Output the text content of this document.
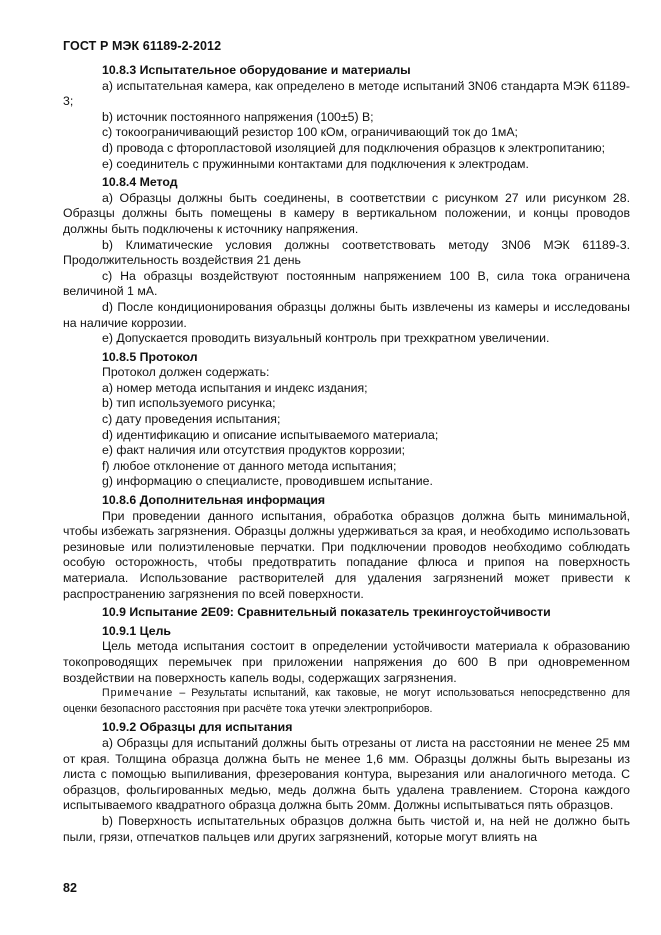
ГОСТ Р МЭК 61189-2-2012
10.8.3 Испытательное оборудование и материалы
a) испытательная камера, как определено в методе испытаний 3N06 стандарта МЭК 61189-3;
b) источник постоянного напряжения (100±5) В;
c) токоограничивающий резистор 100 кОм, ограничивающий ток до 1мА;
d) провода с фторопластовой изоляцией для подключения образцов к электропитанию;
e) соединитель с пружинными контактами для подключения к электродам.
10.8.4 Метод
а) Образцы должны быть соединены, в соответствии с рисунком 27 или рисунком 28. Образцы должны быть помещены в камеру в вертикальном положении, и концы проводов должны быть подключены к источнику напряжения.
b) Климатические условия должны соответствовать методу 3N06 МЭК 61189-3. Продолжительность воздействия 21 день
c) На образцы воздействуют постоянным напряжением 100 В, сила тока ограничена величиной 1 мА.
d) После кондиционирования образцы должны быть извлечены из камеры и исследованы на наличие коррозии.
e) Допускается проводить визуальный контроль при трехкратном увеличении.
10.8.5 Протокол
Протокол должен содержать:
a) номер метода испытания и индекс издания;
b) тип используемого рисунка;
c) дату проведения испытания;
d) идентификацию и описание испытываемого материала;
e) факт наличия или отсутствия продуктов коррозии;
f) любое отклонение от данного метода испытания;
g) информацию о специалисте, проводившем испытание.
10.8.6 Дополнительная информация
При проведении данного испытания, обработка образцов должна быть минимальной, чтобы избежать загрязнения. Образцы должны удерживаться за края, и необходимо использовать резиновые или полиэтиленовые перчатки. При подключении проводов необходимо соблюдать особую осторожность, чтобы предотвратить попадание флюса и припоя на поверхность материала. Использование растворителей для удаления загрязнений может привести к распространению загрязнения по всей поверхности.
10.9 Испытание 2E09: Сравнительный показатель трекингоустойчивости
10.9.1 Цель
Цель метода испытания состоит в определении устойчивости материала к образованию токопроводящих перемычек при приложении напряжения до 600 В при одновременном воздействии на поверхность капель воды, содержащих загрязнения.
Примечание – Результаты испытаний, как таковые, не могут использоваться непосредственно для оценки безопасного расстояния при расчёте тока утечки электроприборов.
10.9.2 Образцы для испытания
а) Образцы для испытаний должны быть отрезаны от листа на расстоянии не менее 25 мм от края. Толщина образца должна быть не менее 1,6 мм. Образцы должны быть вырезаны из листа с помощью выпиливания, фрезерования контура, вырезания или аналогичного метода. С образцов, фольгированных медью, медь должна быть удалена травлением. Сторона каждого испытываемого квадратного образца должна быть 20мм. Должны испытываться пять образцов.
b) Поверхность испытательных образцов должна быть чистой и, на ней не должно быть пыли, грязи, отпечатков пальцев или других загрязнений, которые могут влиять на
82
